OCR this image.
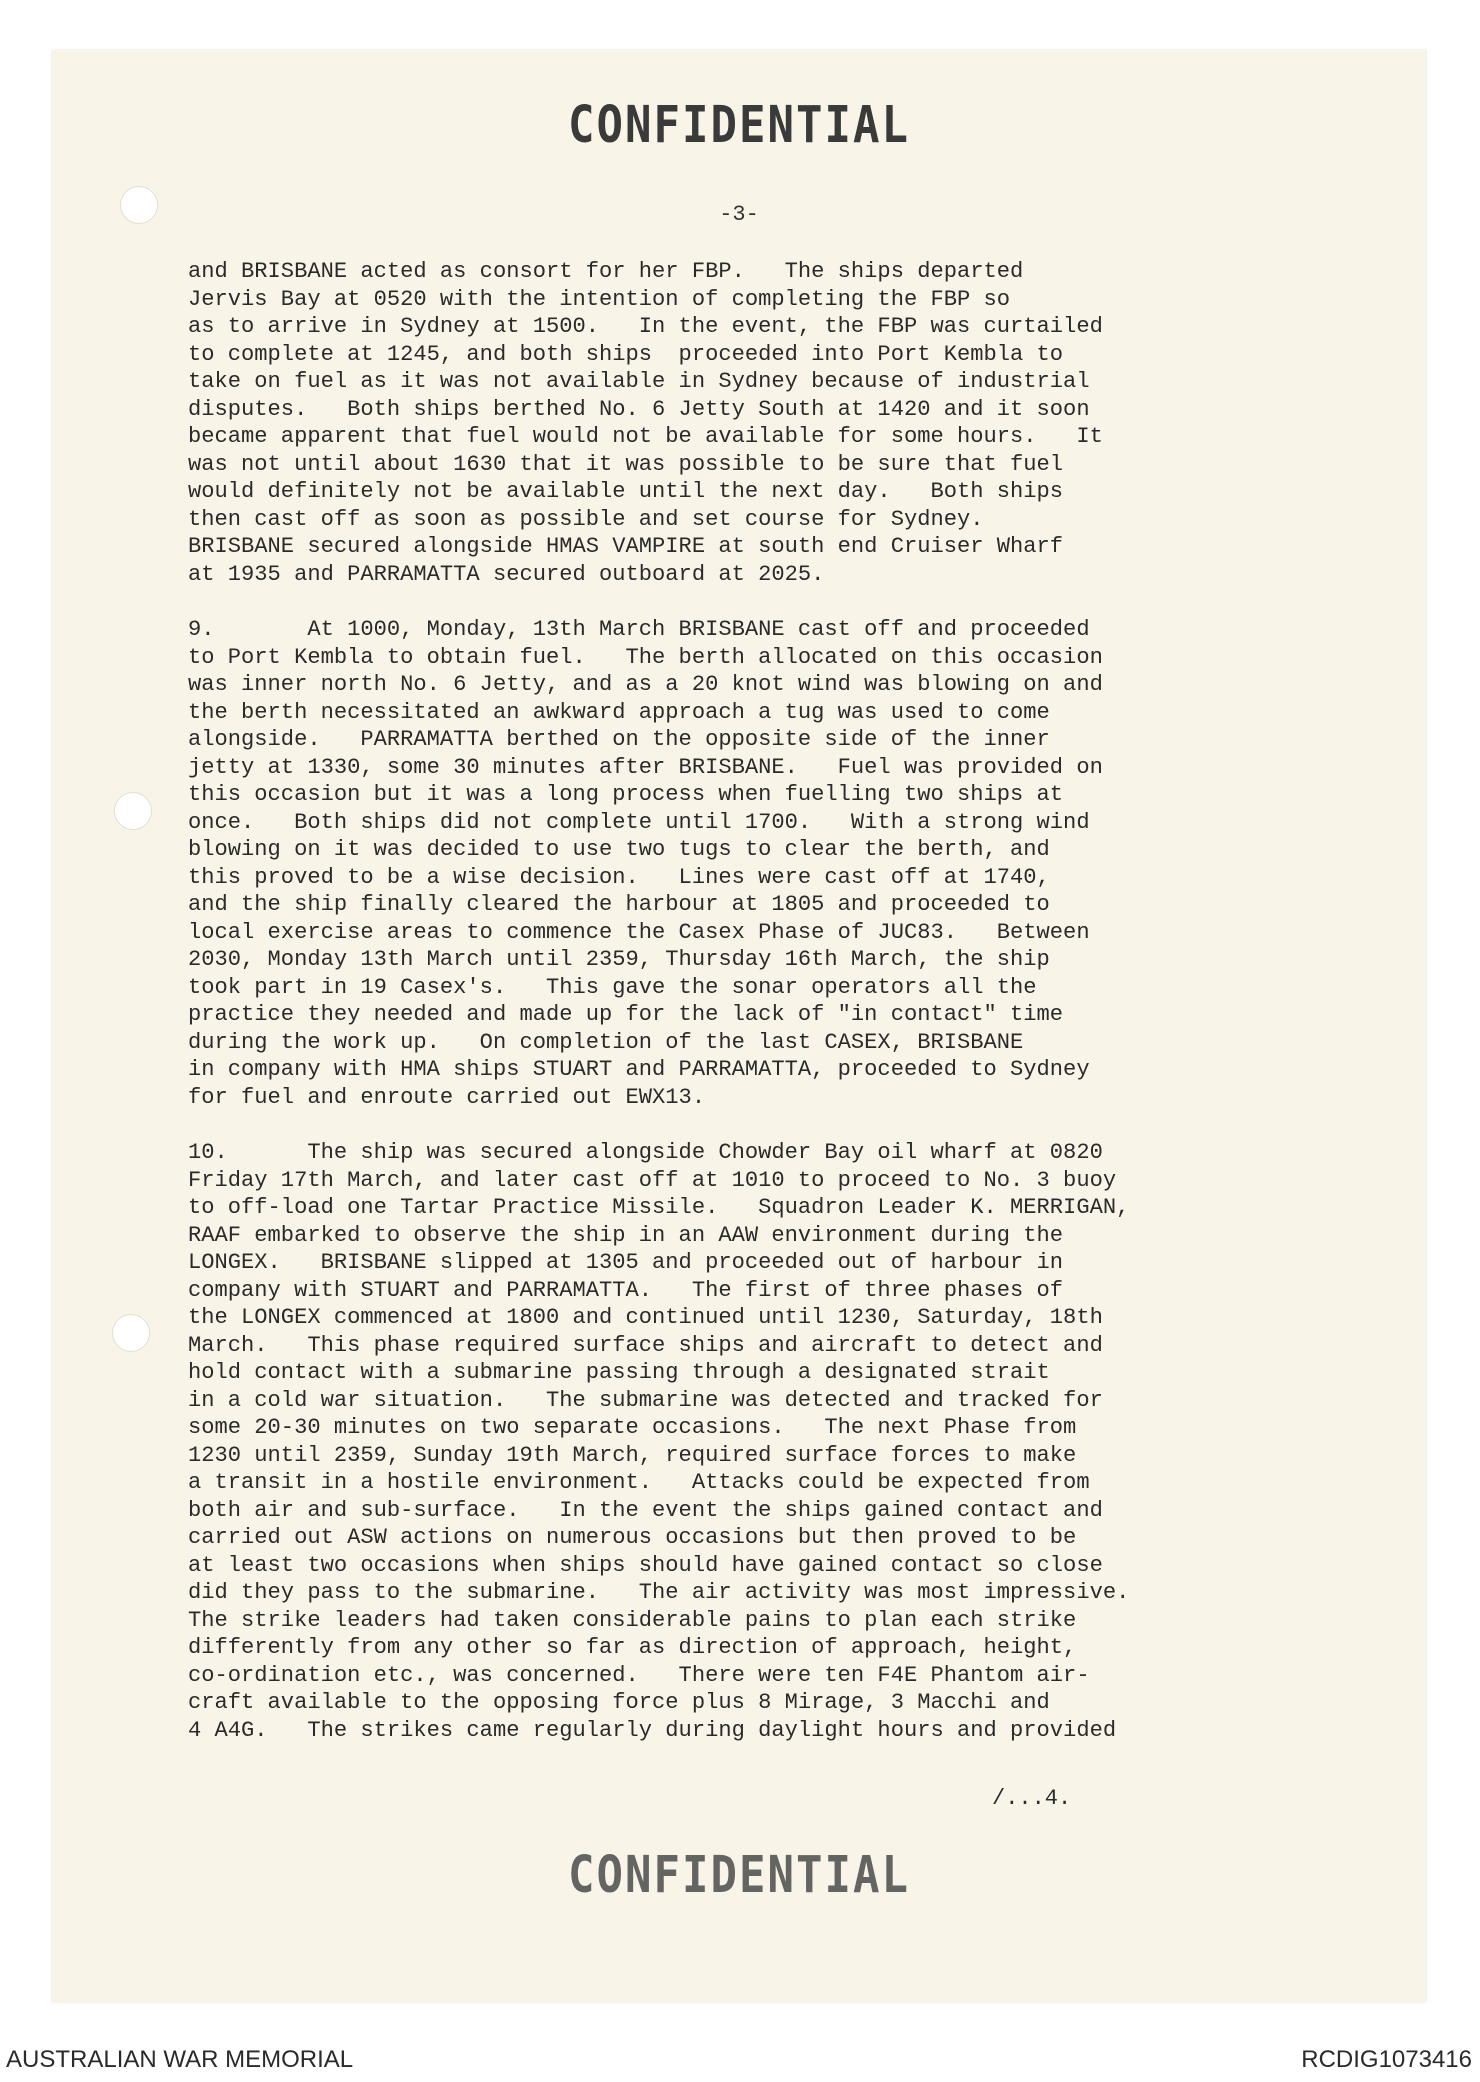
CONFIDENTIAL
-3-
/...4.
CONFIDENTIAL
and BRISBANE acted as consort for her FBP.   The ships departed
Jervis Bay at 0520 with the intention of completing the FBP so
as to arrive in Sydney at 1500.   In the event, the FBP was curtailed
to complete at 1245, and both ships  proceeded into Port Kembla to
take on fuel as it was not available in Sydney because of industrial
disputes.   Both ships berthed No. 6 Jetty South at 1420 and it soon
became apparent that fuel would not be available for some hours.   It
was not until about 1630 that it was possible to be sure that fuel
would definitely not be available until the next day.   Both ships
then cast off as soon as possible and set course for Sydney.
BRISBANE secured alongside HMAS VAMPIRE at south end Cruiser Wharf
at 1935 and PARRAMATTA secured outboard at 2025.
9.       At 1000, Monday, 13th March BRISBANE cast off and proceeded
to Port Kembla to obtain fuel.   The berth allocated on this occasion
was inner north No. 6 Jetty, and as a 20 knot wind was blowing on and
the berth necessitated an awkward approach a tug was used to come
alongside.   PARRAMATTA berthed on the opposite side of the inner
jetty at 1330, some 30 minutes after BRISBANE.   Fuel was provided on
this occasion but it was a long process when fuelling two ships at
once.   Both ships did not complete until 1700.   With a strong wind
blowing on it was decided to use two tugs to clear the berth, and
this proved to be a wise decision.   Lines were cast off at 1740,
and the ship finally cleared the harbour at 1805 and proceeded to
local exercise areas to commence the Casex Phase of JUC83.   Between
2030, Monday 13th March until 2359, Thursday 16th March, the ship
took part in 19 Casex's.   This gave the sonar operators all the
practice they needed and made up for the lack of "in contact" time
during the work up.   On completion of the last CASEX, BRISBANE
in company with HMA ships STUART and PARRAMATTA, proceeded to Sydney
for fuel and enroute carried out EWX13.
10.      The ship was secured alongside Chowder Bay oil wharf at 0820
Friday 17th March, and later cast off at 1010 to proceed to No. 3 buoy
to off-load one Tartar Practice Missile.   Squadron Leader K. MERRIGAN,
RAAF embarked to observe the ship in an AAW environment during the
LONGEX.   BRISBANE slipped at 1305 and proceeded out of harbour in
company with STUART and PARRAMATTA.   The first of three phases of
the LONGEX commenced at 1800 and continued until 1230, Saturday, 18th
March.   This phase required surface ships and aircraft to detect and
hold contact with a submarine passing through a designated strait
in a cold war situation.   The submarine was detected and tracked for
some 20-30 minutes on two separate occasions.   The next Phase from
1230 until 2359, Sunday 19th March, required surface forces to make
a transit in a hostile environment.   Attacks could be expected from
both air and sub-surface.   In the event the ships gained contact and
carried out ASW actions on numerous occasions but then proved to be
at least two occasions when ships should have gained contact so close
did they pass to the submarine.   The air activity was most impressive.
The strike leaders had taken considerable pains to plan each strike
differently from any other so far as direction of approach, height,
co-ordination etc., was concerned.   There were ten F4E Phantom air-
craft available to the opposing force plus 8 Mirage, 3 Macchi and
4 A4G.   The strikes came regularly during daylight hours and provided
AUSTRALIAN WAR MEMORIAL	RCDIG1073416
